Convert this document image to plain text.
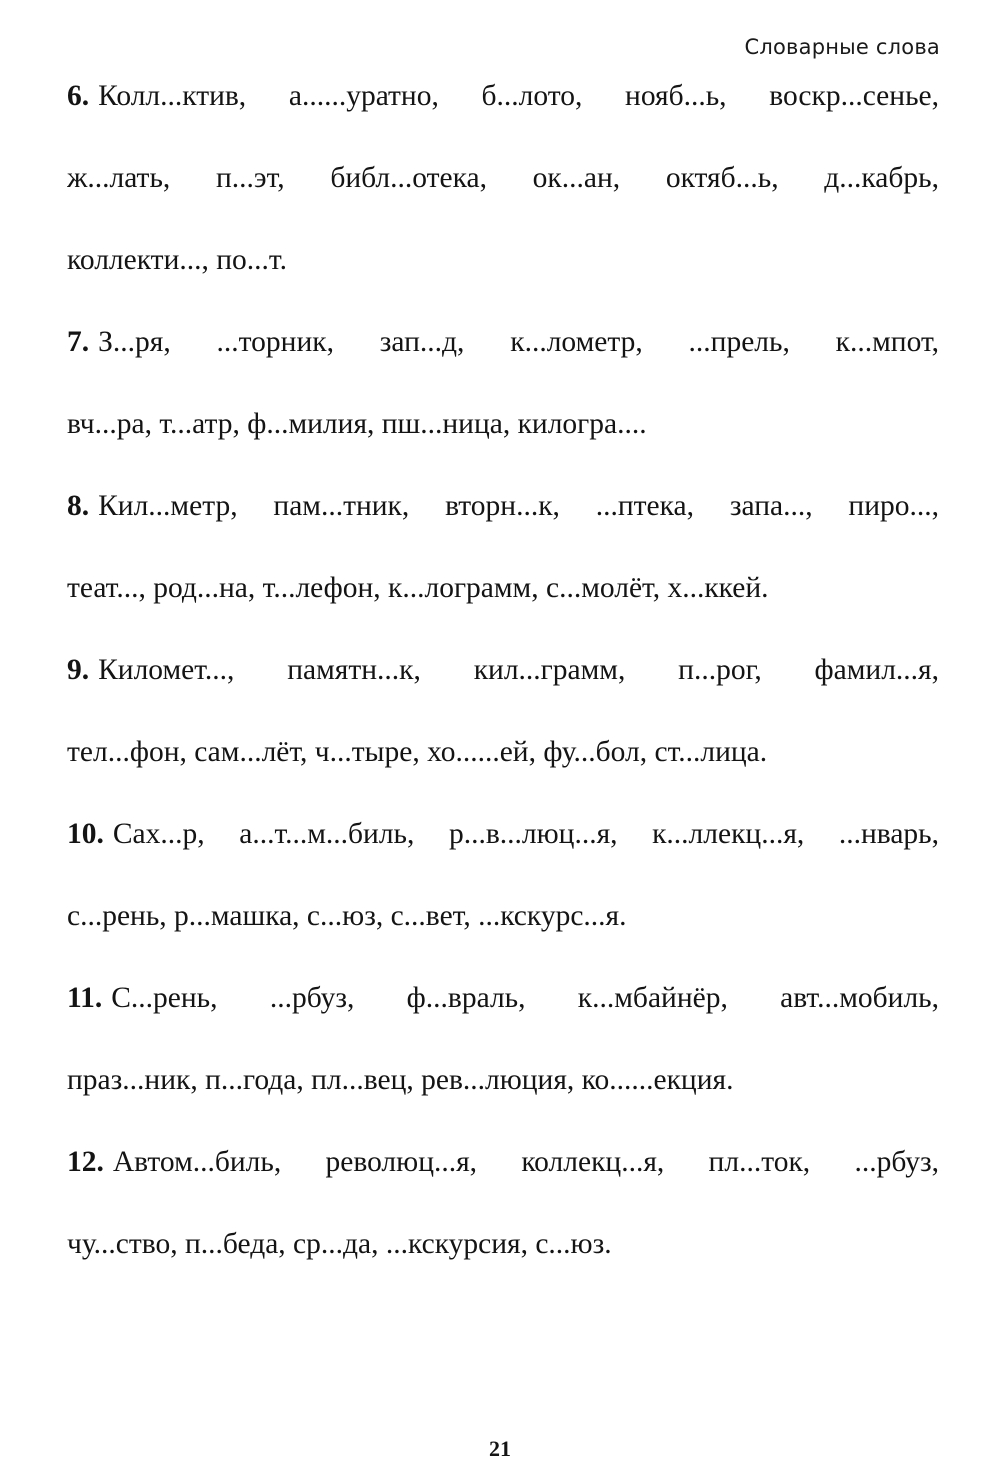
Словарные слова
6. Колл...ктив, а......уратно, б...лото, нояб...ь, воскр...сенье,
ж...лать, п...эт, библ...отека, ок...ан, октяб...ь, д...кабрь,
коллекти..., по...т.
7. З...ря, ...торник, зап...д, к...лометр, ...прель, к...мпот,
вч...ра, т...атр, ф...милия, пш...ница, килогра....
8. Кил...метр, пам...тник, вторн...к, ...птека, запа..., пиро...,
теат..., род...на, т...лефон, к...лограмм, с...молёт, х...ккей.
9. Километ..., памятн...к, кил...грамм, п...рог, фамил...я,
тел...фон, сам...лёт, ч...тыре, хо......ей, фу...бол, ст...лица.
10. Сах...р, а...т...м...биль, р...в...люц...я, к...ллекц...я, ...нварь,
с...рень, р...машка, с...юз, с...вет, ...кскурс...я.
11. С...рень, ...рбуз, ф...враль, к...мбайнёр, авт...мобиль,
праз...ник, п...года, пл...вец, рев...люция, ко......екция.
12. Автом...биль, революц...я, коллекц...я, пл...ток, ...рбуз,
чу...ство, п...беда, ср...да, ...кскурсия, с...юз.
21
